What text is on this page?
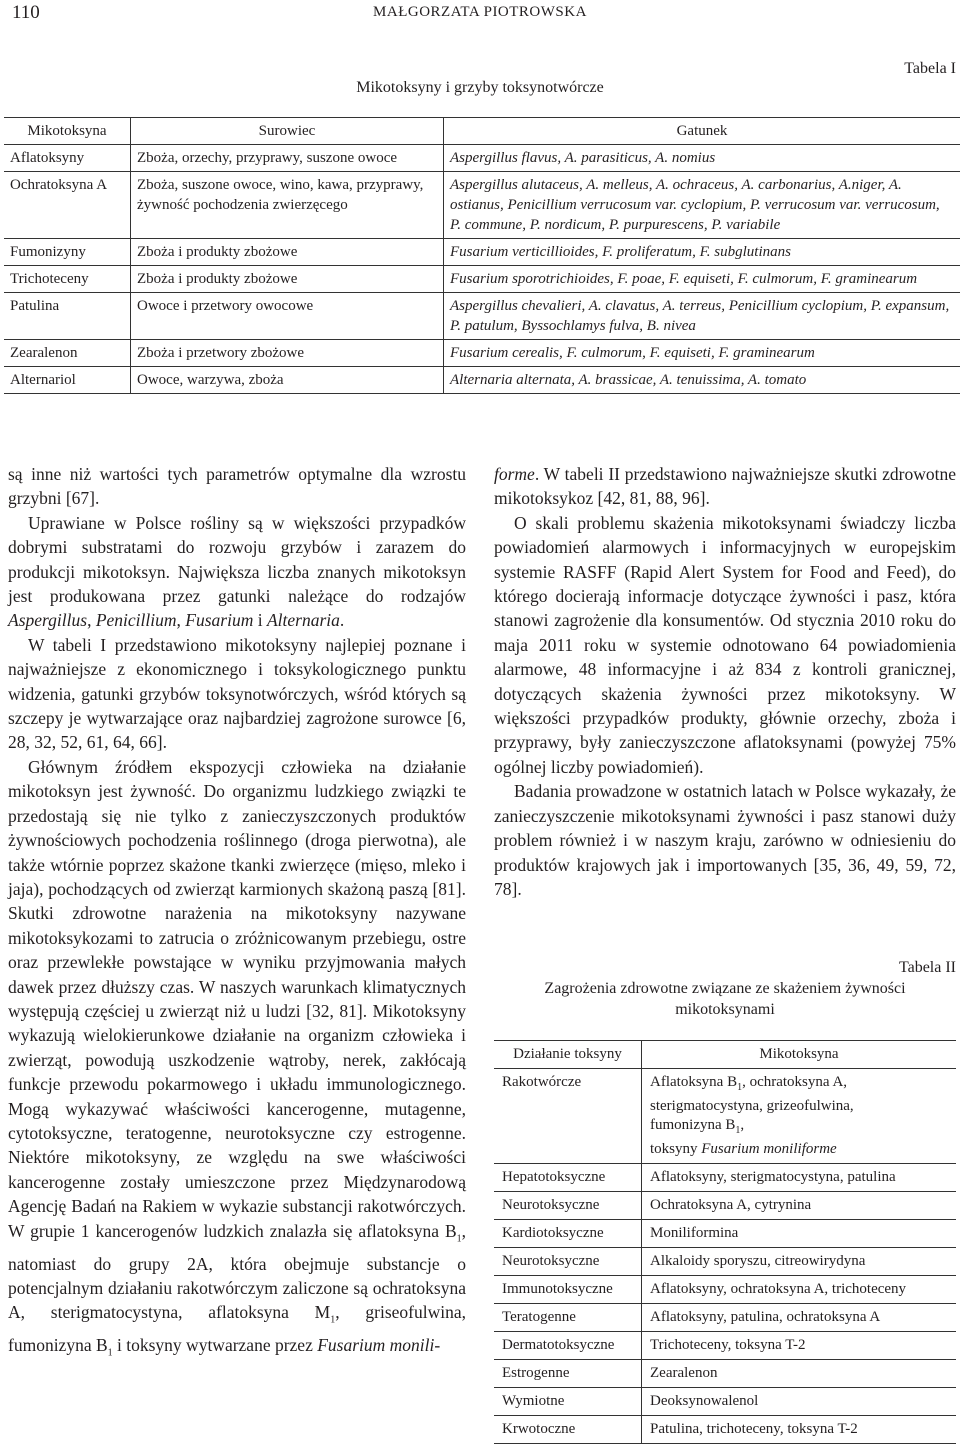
110	MAŁGORZATA PIOTROWSKA
Tabela I
Mikotoksyny i grzyby toksynotwórcze
Mikotoksyna	Surowiec	Gatunek
Aflatoksyny	Zboża, orzechy, przyprawy, suszone owoce	Aspergillus flavus, A. parasiticus, A. nomius
Ochratoksyna A	Zboża, suszone owoce, wino, kawa, przyprawy, żywność pochodzenia zwierzęcego	Aspergillus alutaceus, A. melleus, A. ochraceus, A. carbonarius, A.niger, A. ostianus, Penicillium verrucosum var. cyclopium, P. verrucosum var. verrucosum, P. commune, P. nordicum, P. purpurescens, P. variabile
Fumonizyny	Zboża i produkty zbożowe	Fusarium verticillioides, F. proliferatum, F. subglutinans
Trichoteceny	Zboża i produkty zbożowe	Fusarium sporotrichioides, F. poae, F. equiseti, F. culmorum, F. graminearum
Patulina	Owoce i przetwory owocowe	Aspergillus chevalieri, A. clavatus, A. terreus, Penicillium cyclopium, P. expansum, P. patulum, Byssochlamys fulva, B. nivea
Zearalenon	Zboża i przetwory zbożowe	Fusarium cerealis, F. culmorum, F. equiseti, F. graminearum
Alternariol	Owoce, warzywa, zboża	Alternaria alternata, A. brassicae, A. tenuissima, A. tomato

są inne niż wartości tych parametrów optymalne dla wzrostu grzybni [67].

Uprawiane w Polsce rośliny są w większości przypadków dobrymi substratami do rozwoju grzybów i zarazem do produkcji mikotoksyn. Największa liczba znanych mikotoksyn jest produkowana przez gatunki należące do rodzajów Aspergillus, Penicillium, Fusarium i Alternaria.

W tabeli I przedstawiono mikotoksyny najlepiej poznane i najważniejsze z ekonomicznego i toksykologicznego punktu widzenia, gatunki grzybów toksynotwórczych, wśród których są szczepy je wytwarzające oraz najbardziej zagrożone surowce [6, 28, 32, 52, 61, 64, 66].

Głównym źródłem ekspozycji człowieka na działanie mikotoksyn jest żywność. Do organizmu ludzkiego związki te przedostają się nie tylko z zanieczyszczonych produktów żywnościowych pochodzenia roślinnego (droga pierwotna), ale także wtórnie poprzez skażone tkanki zwierzęce (mięso, mleko i jaja), pochodzących od zwierząt karmionych skażoną paszą [81]. Skutki zdrowotne narażenia na mikotoksyny nazywane mikotoksykozami to zatrucia o zróżnicowanym przebiegu, ostre oraz przewlekłe powstające w wyniku przyjmowania małych dawek przez dłuższy czas. W naszych warunkach klimatycznych występują częściej u zwierząt niż u ludzi [32, 81]. Mikotoksyny wykazują wielokierunkowe działanie na organizm człowieka i zwierząt, powodują uszkodzenie wątroby, nerek, zakłócają funkcje przewodu pokarmowego i układu immunologicznego. Mogą wykazywać właściwości kancerogenne, mutagenne, cytotoksyczne, teratogenne, neurotoksyczne czy estrogenne. Niektóre mikotoksyny, ze względu na swe właściwości kancerogenne zostały umieszczone przez Międzynarodową Agencję Badań na Rakiem w wykazie substancji rakotwórczych. W grupie 1 kancerogenów ludzkich znalazła się aflatoksyna $B_1$, natomiast do grupy 2A, która obejmuje substancje o potencjalnym działaniu rakotwórczym zaliczone są ochratoksyna A, sterigmatocystyna, aflatoksyna $M_1$, griseofulwina, fumonizyna $B_1$ i toksyny wytwarzane przez Fusarium monili-

forme. W tabeli II przedstawiono najważniejsze skutki zdrowotne mikotoksykoz [42, 81, 88, 96].

O skali problemu skażenia mikotoksynami świadczy liczba powiadomień alarmowych i informacyjnych w europejskim systemie RASFF (Rapid Alert System for Food and Feed), do którego docierają informacje dotyczące żywności i pasz, która stanowi zagrożenie dla konsumentów. Od stycznia 2010 roku do maja 2011 roku w systemie odnotowano 64 powiadomienia alarmowe, 48 informacyjne i aż 834 z kontroli granicznej, dotyczących skażenia żywności przez mikotoksyny. W większości przypadków produkty, głównie orzechy, zboża i przyprawy, były zanieczyszczone aflatoksynami (powyżej 75% ogólnej liczby powiadomień).

Badania prowadzone w ostatnich latach w Polsce wykazały, że zanieczyszczenie mikotoksynami żywności i pasz stanowi duży problem również i w naszym kraju, zarówno w odniesieniu do produktów krajowych jak i importowanych [35, 36, 49, 59, 72, 78].

Tabela II
Zagrożenia zdrowotne związane ze skażeniem żywności
mikotoksynami
Działanie toksyny	Mikotoksyna
Rakotwórcze	Aflatoksyna $B_1$, ochratoksyna A,
sterigmatocystyna, grizeofulwina,
fumonizyna $B_1$,
toksyny Fusarium moniliforme

Hepatotoksyczne	Aflatoksyny, sterigmatocystyna, patulina
Neurotoksyczne	Ochratoksyna A, cytrynina
Kardiotoksyczne	Moniliformina
Neurotoksyczne	Alkaloidy sporyszu, citreowirydyna
Immunotoksyczne	Aflatoksyny, ochratoksyna A, trichoteceny
Teratogenne	Aflatoksyny, patulina, ochratoksyna A
Dermatotoksyczne	Trichoteceny, toksyna T-2
Estrogenne	Zearalenon
Wymiotne	Deoksynowalenol
Krwotoczne	Patulina, trichoteceny, toksyna T-2
